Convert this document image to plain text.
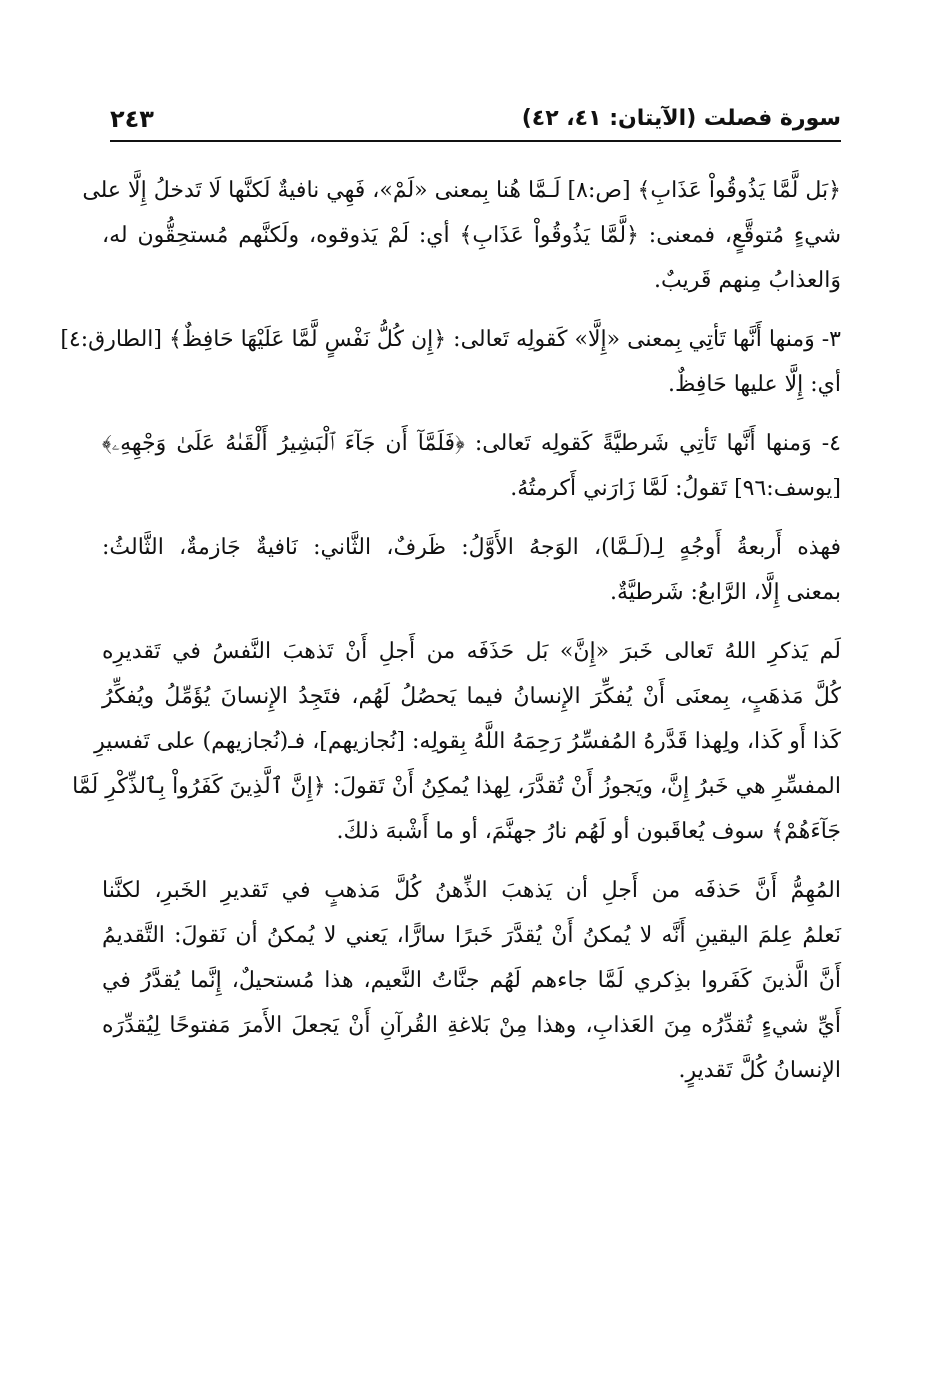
سورة فصلت (الآيتان: ٤١، ٤٢)
٢٤٣
﴿بَل لَّمَّا يَذُوقُواْ عَذَابِ﴾ [ص:٨] لَـمَّا هُنا بِمعنى «لَمْ»، فَهِي نافيةٌ لَكنَّها لَا تَدخلُ إِلَّا على
شيءٍ مُتوقَّعٍ، فمعنى: ﴿لَّمَّا يَذُوقُواْ عَذَابِ﴾ أي: لَمْ يَذوقوه، ولَكنَّهم مُستحِقُّون له،
وَالعذابُ مِنهم قَريبٌ.
٣- وَمنها أَنَّها تَأتِي بِمعنى «إِلَّا» كَقولِه تَعالى: ﴿إِن كُلُّ نَفْسٍ لَّمَّا عَلَيْهَا حَافِظٌ﴾ [الطارق:٤]
أي: إِلَّا عليها حَافِظٌ.
٤- وَمنها أَنَّها تَأتِي شَرطيَّةً كَقولِه تَعالى: ﴿فَلَمَّآ أَن جَآءَ ٱلْبَشِيرُ أَلْقَىٰهُ عَلَىٰ وَجْهِهِۦ﴾
[يوسف:٩٦] تَقولُ: لَمَّا زَارَني أَكرمتُهُ.
فهذه أَربعةُ أَوجُهٍ لِـ(لَـمَّا)، الوَجهُ الأَوَّلُ: ظَرفٌ، الثَّاني: نَافيةٌ جَازمةٌ، الثَّالثُ:
بمعنى إِلَّا، الرَّابعُ: شَرطيَّةٌ.
لَم يَذكرِ اللهُ تَعالى خَبرَ «إِنَّ» بَل حَذَفَه من أَجلِ أَنْ تَذهبَ النَّفسُ في تَقديرِه
كُلَّ مَذهَبٍ، بِمعنَى أَنْ يُفكِّرَ الإِنسانُ فيما يَحصُلُ لَهُم، فتَجِدُ الإِنسانَ يُؤَمِّلُ ويُفكِّرُ
كَذا أَو كَذا، ولِهذا قَدَّرهُ المُفسِّرُ رَحِمَهُ اللَّهُ بِقولِه: [نُجازيهم]، فـ(نُجازيهم) على تَفسيرِ
المفسِّرِ هي خَبرُ إِنَّ، ويَجوزُ أَنْ تُقدَّرَ، لِهذا يُمكِنُ أَنْ تَقولَ: ﴿إِنَّ ٱلَّذِينَ كَفَرُواْ بِٱلذِّكْرِ لَمَّا
جَآءَهُمْ﴾ سوف يُعاقَبون أو لَهُم نارُ جهنَّمَ، أو ما أَشْبهَ ذلكَ.
المُهِمُّ أَنَّ حَذفَه من أَجلِ أن يَذهبَ الذِّهنُ كُلَّ مَذهبٍ في تَقديرِ الخَبرِ، لكنَّنا
نَعلمُ عِلمَ اليقينِ أَنَّه لا يُمكنُ أَنْ يُقدَّرَ خَبرًا سارًّا، يَعني لا يُمكنُ أن نَقولَ: التَّقديمُ
أَنَّ الَّذينَ كَفَروا بذِكري لَمَّا جاءهم لَهُم جنَّاتُ النَّعيم، هذا مُستحيلٌ، إِنَّما يُقدَّرُ في
أَيِّ شيءٍ تُقدِّرُه مِنَ العَذابِ، وهذا مِنْ بَلاغةِ القُرآنِ أَنْ يَجعلَ الأَمرَ مَفتوحًا لِيُقدِّرَه
الإنسانُ كُلَّ تَقديرٍ.
